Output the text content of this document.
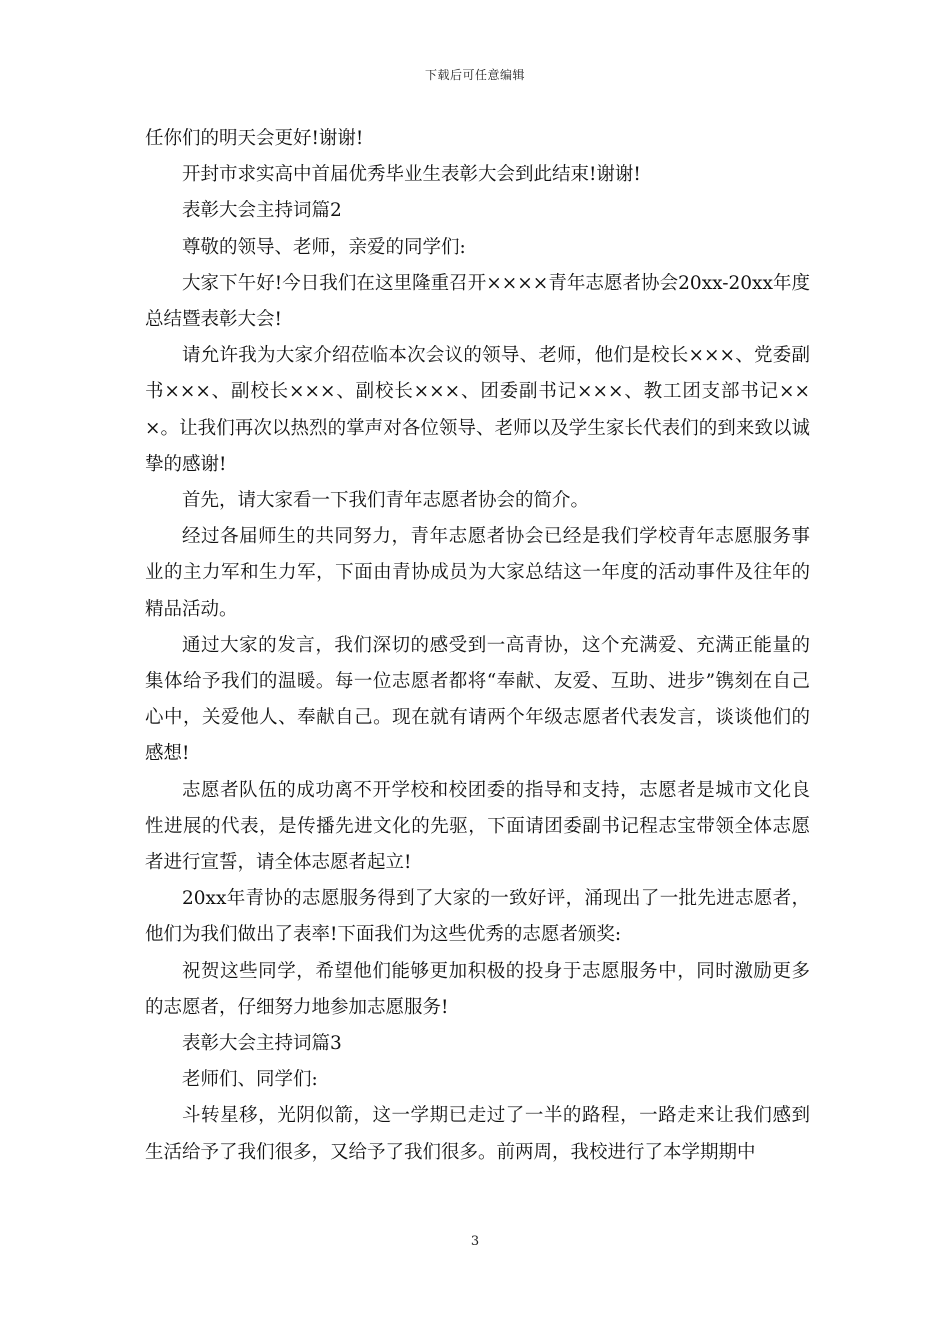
下载后可任意编辑

任你们的明天会更好!谢谢!

开封市求实高中首届优秀毕业生表彰大会到此结束!谢谢!

表彰大会主持词篇2

尊敬的领导、老师，亲爱的同学们:

大家下午好!今日我们在这里隆重召开××××青年志愿者协会20xx-20xx年度总结暨表彰大会!

请允许我为大家介绍莅临本次会议的领导、老师，他们是校长×××、党委副书×××、副校长×××、副校长×××、团委副书记×××、教工团支部书记×××。让我们再次以热烈的掌声对各位领导、老师以及学生家长代表们的到来致以诚挚的感谢!

首先，请大家看一下我们青年志愿者协会的简介。

经过各届师生的共同努力，青年志愿者协会已经是我们学校青年志愿服务事业的主力军和生力军，下面由青协成员为大家总结这一年度的活动事件及往年的精品活动。

通过大家的发言，我们深切的感受到一高青协，这个充满爱、充满正能量的集体给予我们的温暖。每一位志愿者都将“奉献、友爱、互助、进步”镌刻在自己心中，关爱他人、奉献自己。现在就有请两个年级志愿者代表发言，谈谈他们的感想!

志愿者队伍的成功离不开学校和校团委的指导和支持，志愿者是城市文化良性进展的代表，是传播先进文化的先驱，下面请团委副书记程志宝带领全体志愿者进行宣誓，请全体志愿者起立!

20xx年青协的志愿服务得到了大家的一致好评，涌现出了一批先进志愿者，他们为我们做出了表率!下面我们为这些优秀的志愿者颁奖:

祝贺这些同学，希望他们能够更加积极的投身于志愿服务中，同时激励更多的志愿者，仔细努力地参加志愿服务!

表彰大会主持词篇3

老师们、同学们:

斗转星移，光阴似箭，这一学期已走过了一半的路程，一路走来让我们感到生活给予了我们很多，又给予了我们很多。前两周，我校进行了本学期期中

3
